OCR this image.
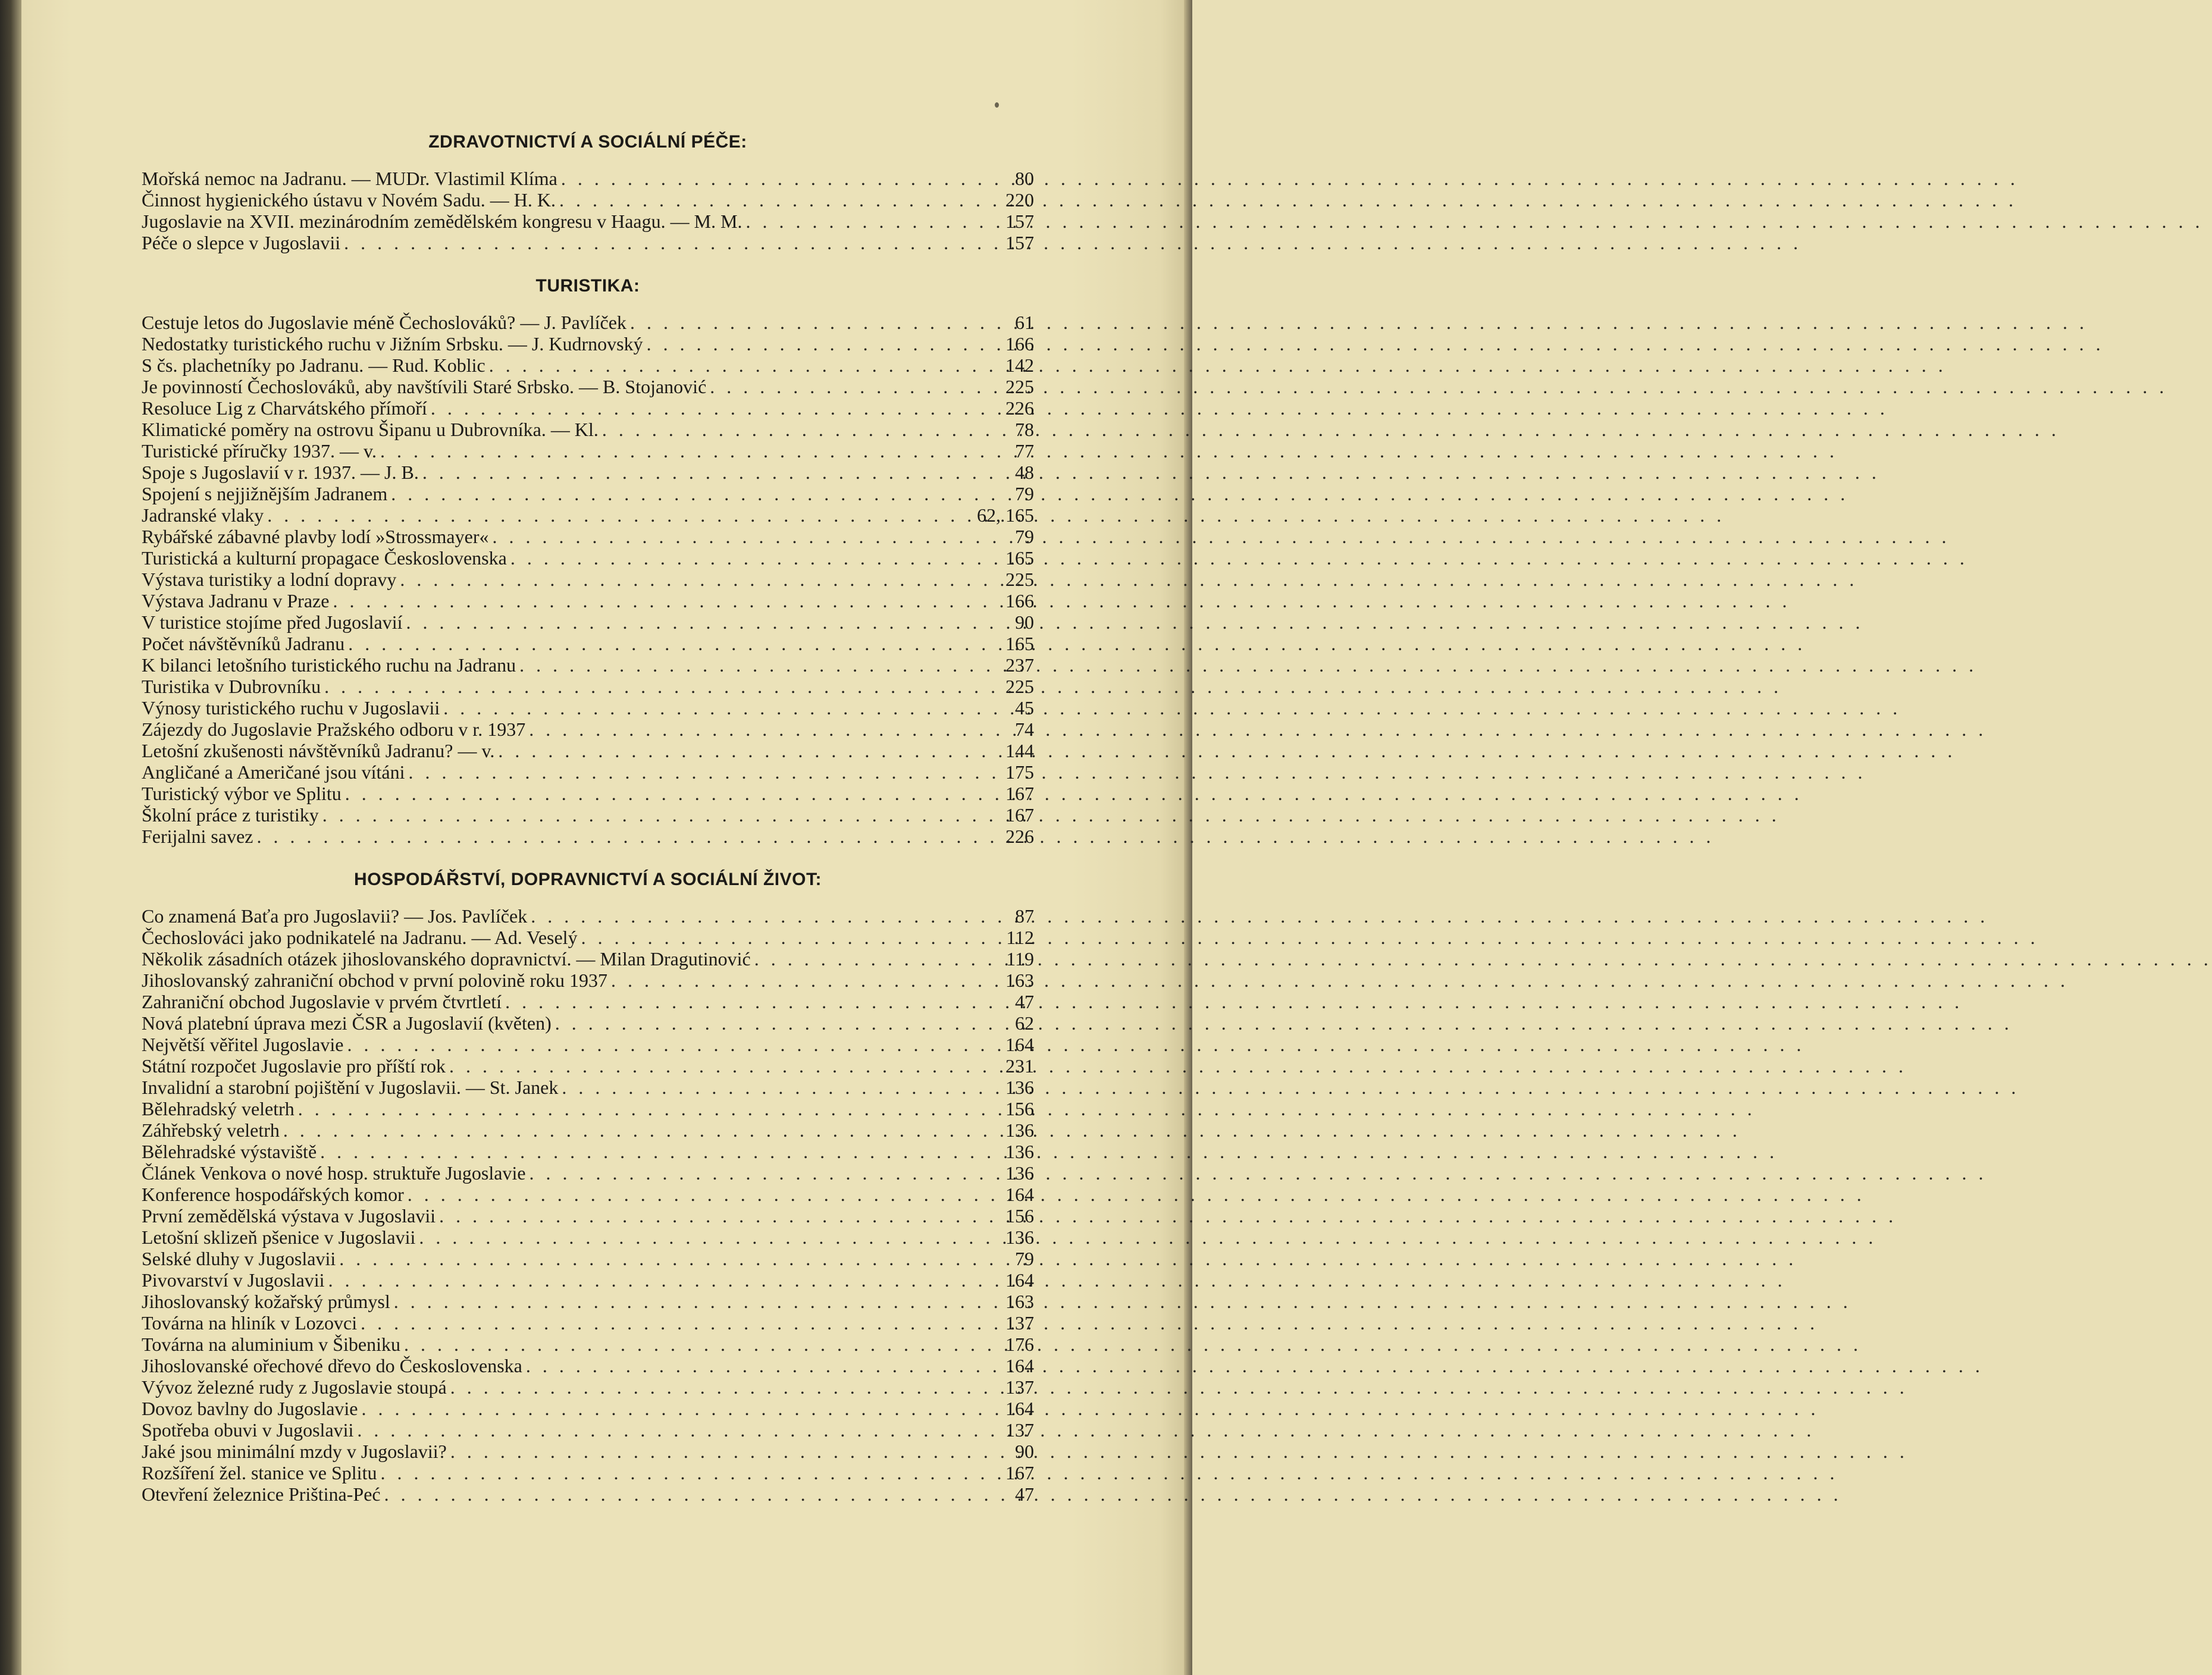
ZDRAVOTNICTVÍ A SOCIÁLNÍ PÉČE:
Mořská nemoc na Jadranu. — MUDr. Vlastimil Klíma . . .	80
Činnost hygienického ústavu v Novém Sadu. — H. K. . . .	220
Jugoslavie na XVII. mezinárodním zemědělském kongresu v Haagu. — M. M. . . .	157
Péče o slepce v Jugoslavii . . .	157
TURISTIKA:
Cestuje letos do Jugoslavie méně Čechoslováků? — J. Pavlíček . . .	61
Nedostatky turistického ruchu v Jižním Srbsku. — J. Kudrnovský . . .	166
S čs. plachetníky po Jadranu. — Rud. Koblic . . .	142
Je povinností Čechoslováků, aby navštívili Staré Srbsko. — B. Stojanović . . .	225
Resoluce Lig z Charvátského přímoří . . .	226
Klimatické poměry na ostrovu Šipanu u Dubrovníka. — Kl. . . .	78
Turistické příručky 1937. — v. . . .	77
Spoje s Jugoslavií v r. 1937. — J. B. . . .	48
Spojení s nejjižnějším Jadranem . . .	79
Jadranské vlaky . . .	62, 165
Rybářské zábavné plavby lodí »Strossmayer« . . .	79
Turistická a kulturní propagace Československa . . .	165
Výstava turistiky a lodní dopravy . . .	225
Výstava Jadranu v Praze . . .	166
V turistice stojíme před Jugoslavií . . .	90
Počet návštěvníků Jadranu . . .	165
K bilanci letošního turistického ruchu na Jadranu . . .	237
Turistika v Dubrovníku . . .	225
Výnosy turistického ruchu v Jugoslavii . . .	45
Zájezdy do Jugoslavie Pražského odboru v r. 1937 . . .	74
Letošní zkušenosti návštěvníků Jadranu? — v. . . .	144
Angličané a Američané jsou vítáni . . .	175
Turistický výbor ve Splitu . . .	167
Školní práce z turistiky . . .	167
Ferijalni savez . . .	226
HOSPODÁŘSTVÍ, DOPRAVNICTVÍ A SOCIÁLNÍ ŽIVOT:
Co znamená Baťa pro Jugoslavii? — Jos. Pavlíček . . .	87
Čechoslováci jako podnikatelé na Jadranu. — Ad. Veselý . . .	112
Několik zásadních otázek jihoslovanského dopravnictví. — Milan Dragutinović . . .	119
Jihoslovanský zahraniční obchod v první polovině roku 1937 . . .	163
Zahraniční obchod Jugoslavie v prvém čtvrtletí . . .	47
Nová platební úprava mezi ČSR a Jugoslavií (květen) . . .	62
Největší věřitel Jugoslavie . . .	164
Státní rozpočet Jugoslavie pro příští rok . . .	231
Invalidní a starobní pojištění v Jugoslavii. — St. Janek . . .	136
Bělehradský veletrh . . .	156
Záhřebský veletrh . . .	136
Bělehradské výstaviště . . .	136
Článek Venkova o nové hosp. struktuře Jugoslavie . . .	136
Konference hospodářských komor . . .	164
První zemědělská výstava v Jugoslavii . . .	156
Letošní sklizeň pšenice v Jugoslavii . . .	136
Selské dluhy v Jugoslavii . . .	79
Pivovarství v Jugoslavii . . .	164
Jihoslovanský kožařský průmysl . . .	163
Továrna na hliník v Lozovci . . .	137
Továrna na aluminium v Šibeniku . . .	176
Jihoslovanské ořechové dřevo do Československa . . .	164
Vývoz železné rudy z Jugoslavie stoupá . . .	137
Dovoz bavlny do Jugoslavie . . .	164
Spotřeba obuvi v Jugoslavii . . .	137
Jaké jsou minimální mzdy v Jugoslavii? . . .	90
Rozšíření žel. stanice ve Splitu . . .	167
Otevření železnice Priština-Peć . . .	47
